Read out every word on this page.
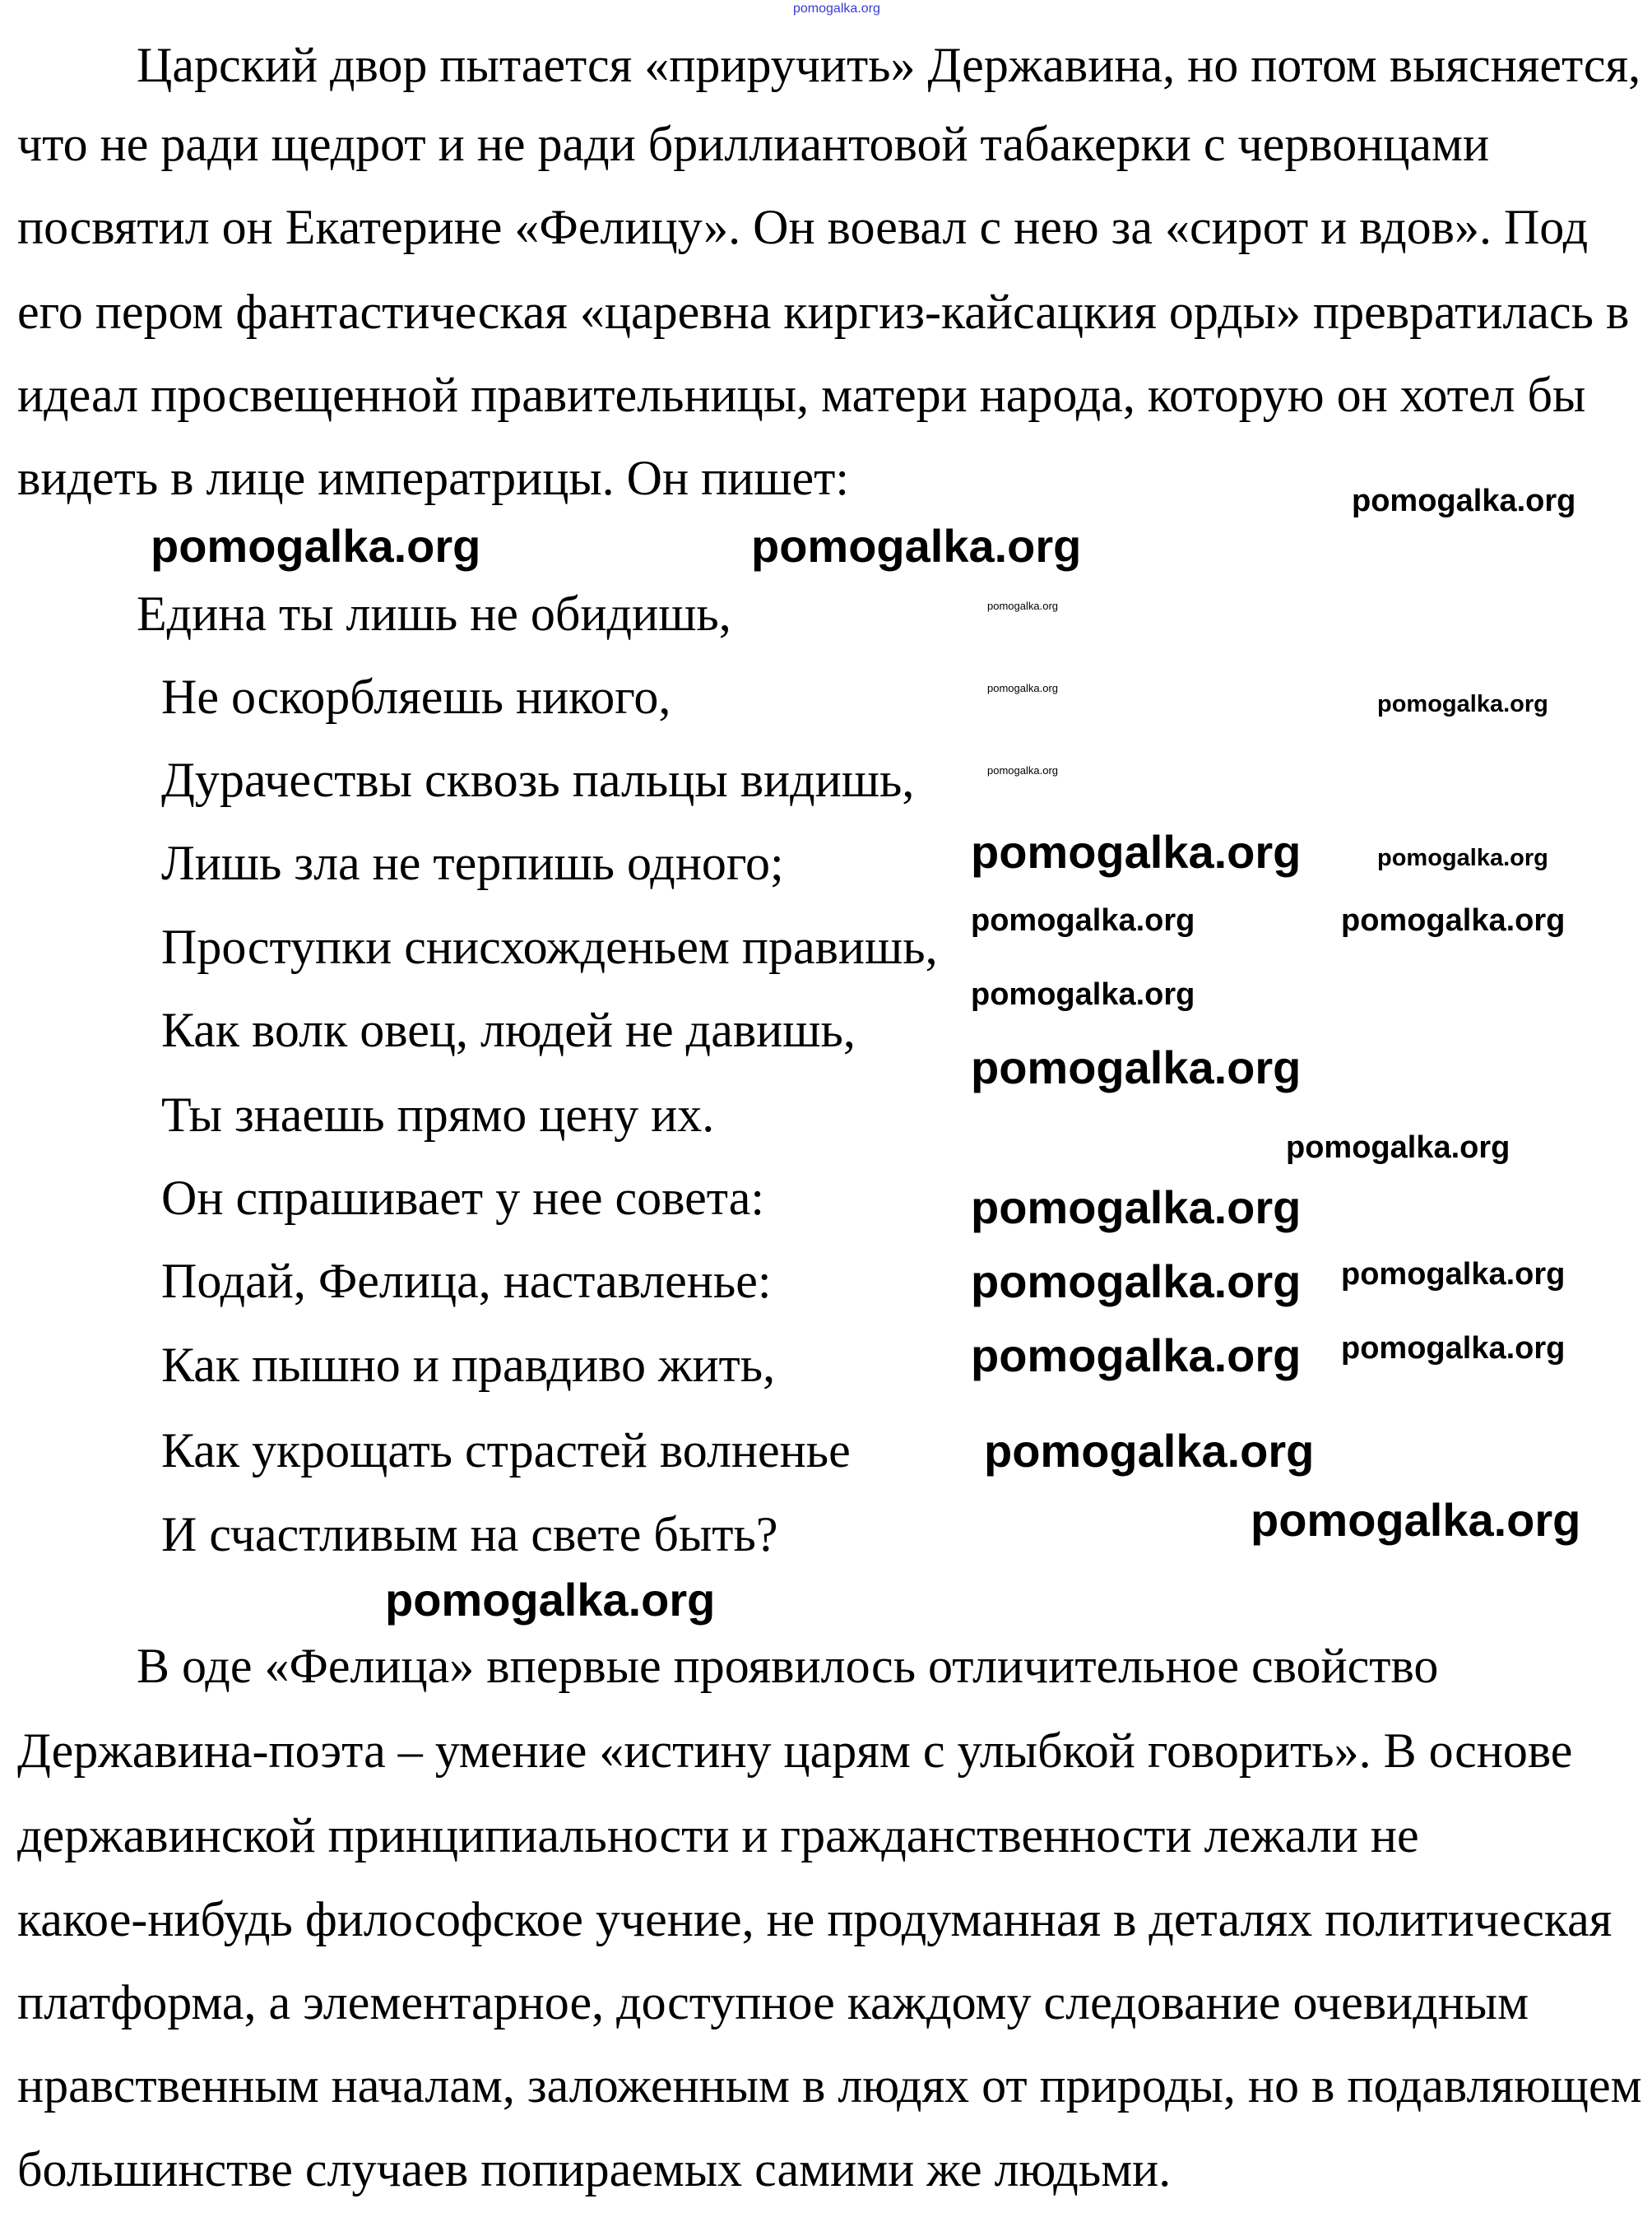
Царский двор пытается «приручить» Державина, но потом выясняется,
что не ради щедрот и не ради бриллиантовой табакерки с червонцами
посвятил он Екатерине «Фелицу». Он воевал с нею за «сирот и вдов». Под
его пером фантастическая «царевна киргиз-кайсацкия орды» превратилась в
идеал просвещенной правительницы, матери народа, которую он хотел бы
видеть в лице императрицы. Он пишет:
Едина ты лишь не обидишь,
Не оскорбляешь никого,
Дурачествы сквозь пальцы видишь,
Лишь зла не терпишь одного;
Проступки снисхожденьем правишь,
Как волк овец, людей не давишь,
Ты знаешь прямо цену их.
Он спрашивает у нее совета:
Подай, Фелица, наставленье:
Как пышно и правдиво жить,
Как укрощать страстей волненье
И счастливым на свете быть?
В оде «Фелица» впервые проявилось отличительное свойство
Державина-поэта – умение «истину царям с улыбкой говорить». В основе
державинской принципиальности и гражданственности лежали не
какое-нибудь философское учение, не продуманная в деталях политическая
платформа, а элементарное, доступное каждому следование очевидным
нравственным началам, заложенным в людях от природы, но в подавляющем
большинстве случаев попираемых самими же людьми.
pomogalka.org
pomogalka.org
pomogalka.org
pomogalka.org
pomogalka.org	pomogalka.org
pomogalka.org
pomogalka.org
pomogalka.org
pomogalka.org
pomogalka.org
pomogalka.org
pomogalka.org
pomogalka.org	pomogalka.org
pomogalka.org
pomogalka.org
pomogalka.org
pomogalka.org
pomogalka.org
pomogalka.org
pomogalka.org
pomogalka.org
